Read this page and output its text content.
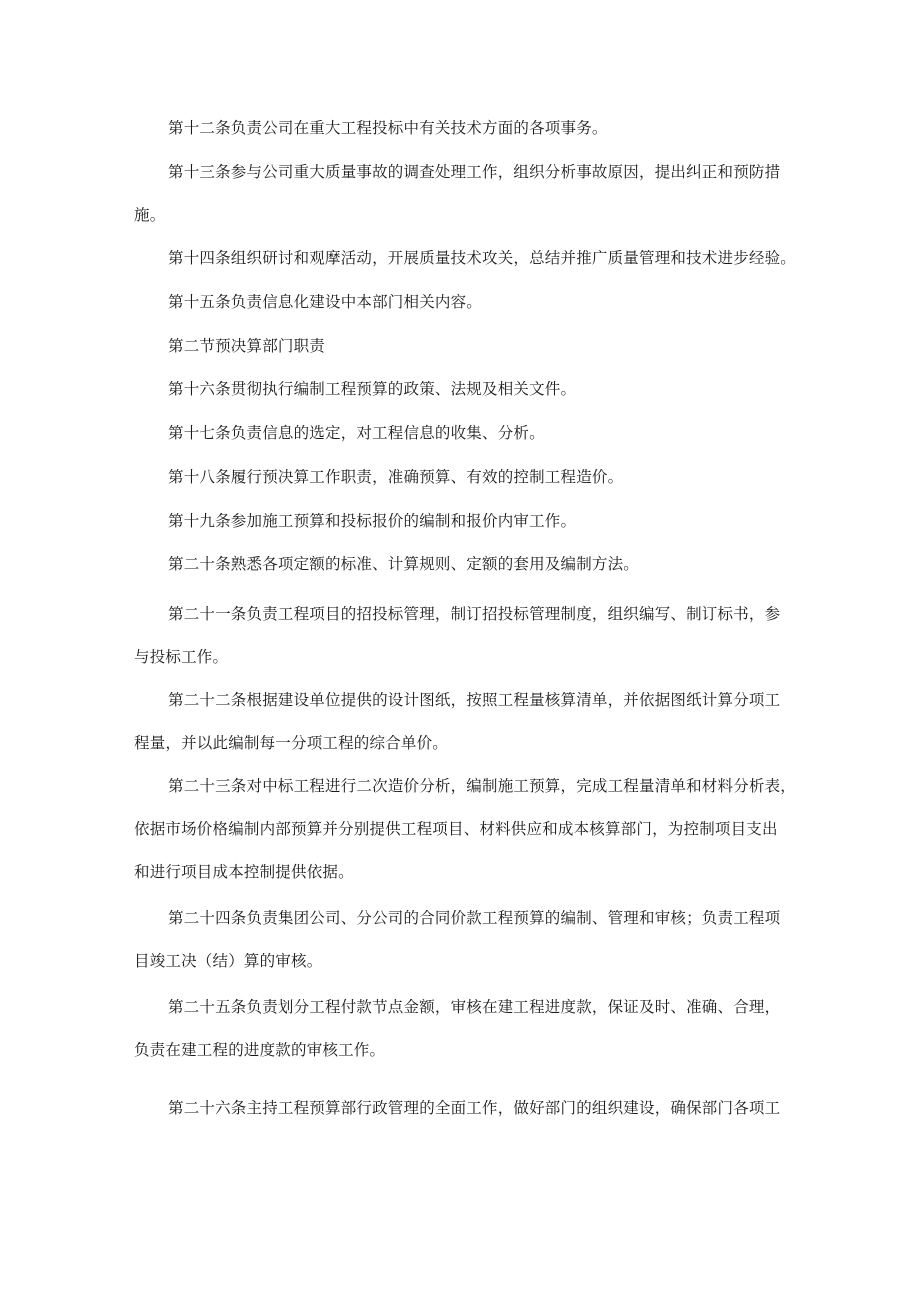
第十二条负责公司在重大工程投标中有关技术方面的各项事务。

第十三条参与公司重大质量事故的调查处理工作，组织分析事故原因，提出纠正和预防措
施。

第十四条组织研讨和观摩活动，开展质量技术攻关，总结并推广质量管理和技术进步经验。

第十五条负责信息化建设中本部门相关内容。

第二节预决算部门职责

第十六条贯彻执行编制工程预算的政策、法规及相关文件。

第十七条负责信息的选定，对工程信息的收集、分析。

第十八条履行预决算工作职责，准确预算、有效的控制工程造价。

第十九条参加施工预算和投标报价的编制和报价内审工作。

第二十条熟悉各项定额的标准、计算规则、定额的套用及编制方法。

第二十一条负责工程项目的招投标管理，制订招投标管理制度，组织编写、制订标书，参
与投标工作。

第二十二条根据建设单位提供的设计图纸，按照工程量核算清单，并依据图纸计算分项工
程量，并以此编制每一分项工程的综合单价。

第二十三条对中标工程进行二次造价分析，编制施工预算，完成工程量清单和材料分析表，
依据市场价格编制内部预算并分别提供工程项目、材料供应和成本核算部门，为控制项目支出
和进行项目成本控制提供依据。

第二十四条负责集团公司、分公司的合同价款工程预算的编制、管理和审核；负责工程项
目竣工决（结）算的审核。

第二十五条负责划分工程付款节点金额，审核在建工程进度款，保证及时、准确、合理，
负责在建工程的进度款的审核工作。

第二十六条主持工程预算部行政管理的全面工作，做好部门的组织建设，确保部门各项工
